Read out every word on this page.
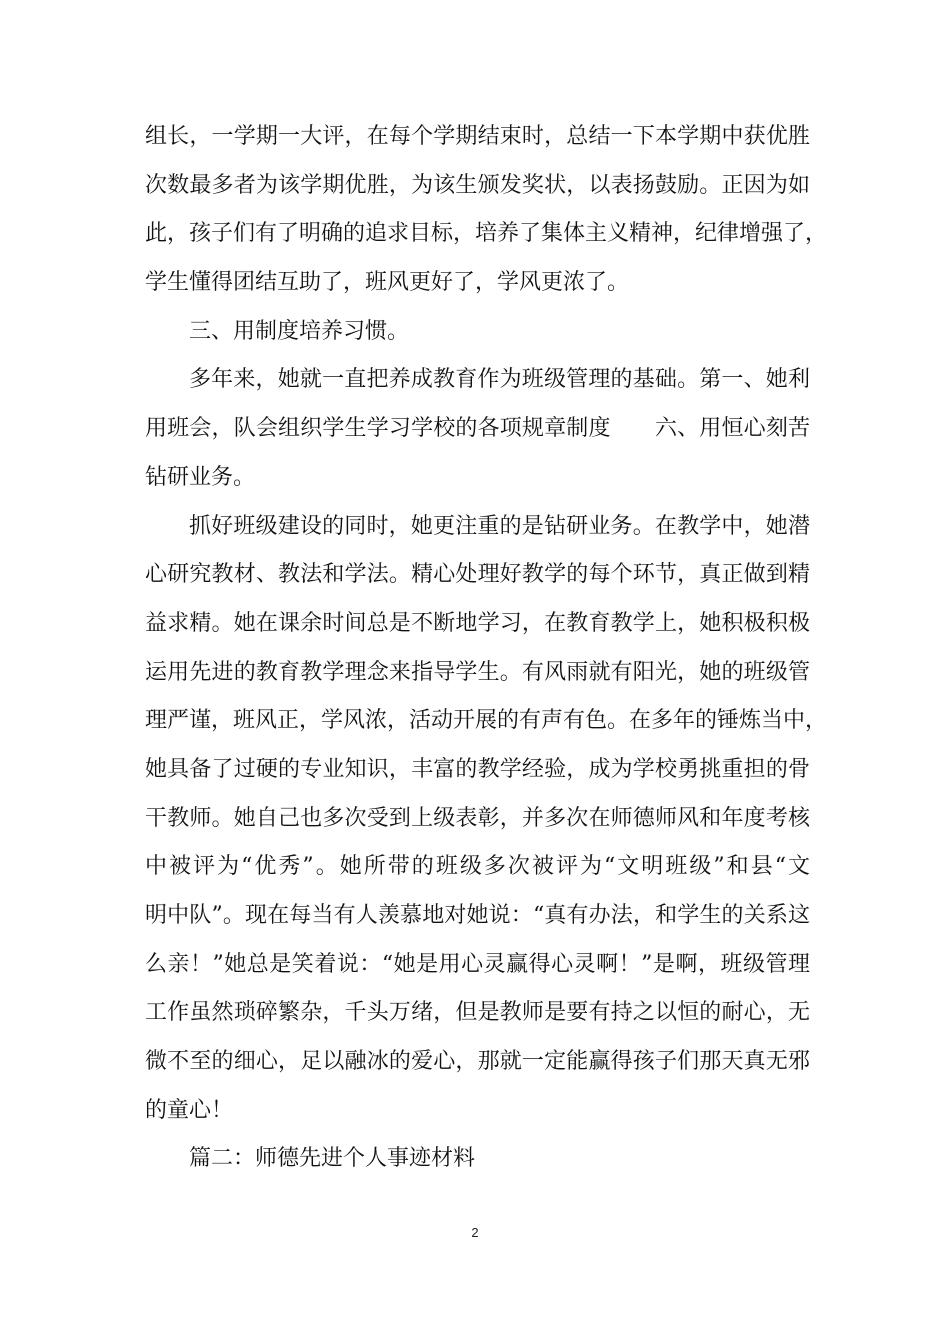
组长，一学期一大评，在每个学期结束时，总结一下本学期中获优胜
次数最多者为该学期优胜，为该生颁发奖状，以表扬鼓励。正因为如
此，孩子们有了明确的追求目标，培养了集体主义精神，纪律增强了，
学生懂得团结互助了，班风更好了，学风更浓了。
三、用制度培养习惯。
多年来，她就一直把养成教育作为班级管理的基础。第一、她利
用班会，队会组织学生学习学校的各项规章制度　　六、用恒心刻苦
钻研业务。
抓好班级建设的同时，她更注重的是钻研业务。在教学中，她潜
心研究教材、教法和学法。精心处理好教学的每个环节，真正做到精
益求精。她在课余时间总是不断地学习，在教育教学上，她积极积极
运用先进的教育教学理念来指导学生。有风雨就有阳光，她的班级管
理严谨，班风正，学风浓，活动开展的有声有色。在多年的锤炼当中，
她具备了过硬的专业知识，丰富的教学经验，成为学校勇挑重担的骨
干教师。她自己也多次受到上级表彰，并多次在师德师风和年度考核
中被评为“优秀”。她所带的班级多次被评为“文明班级”和县“文
明中队”。现在每当有人羡慕地对她说：“真有办法，和学生的关系这
么亲！”她总是笑着说：“她是用心灵赢得心灵啊！”是啊，班级管理
工作虽然琐碎繁杂，千头万绪，但是教师是要有持之以恒的耐心，无
微不至的细心，足以融冰的爱心，那就一定能赢得孩子们那天真无邪
的童心！
篇二：师德先进个人事迹材料
2
